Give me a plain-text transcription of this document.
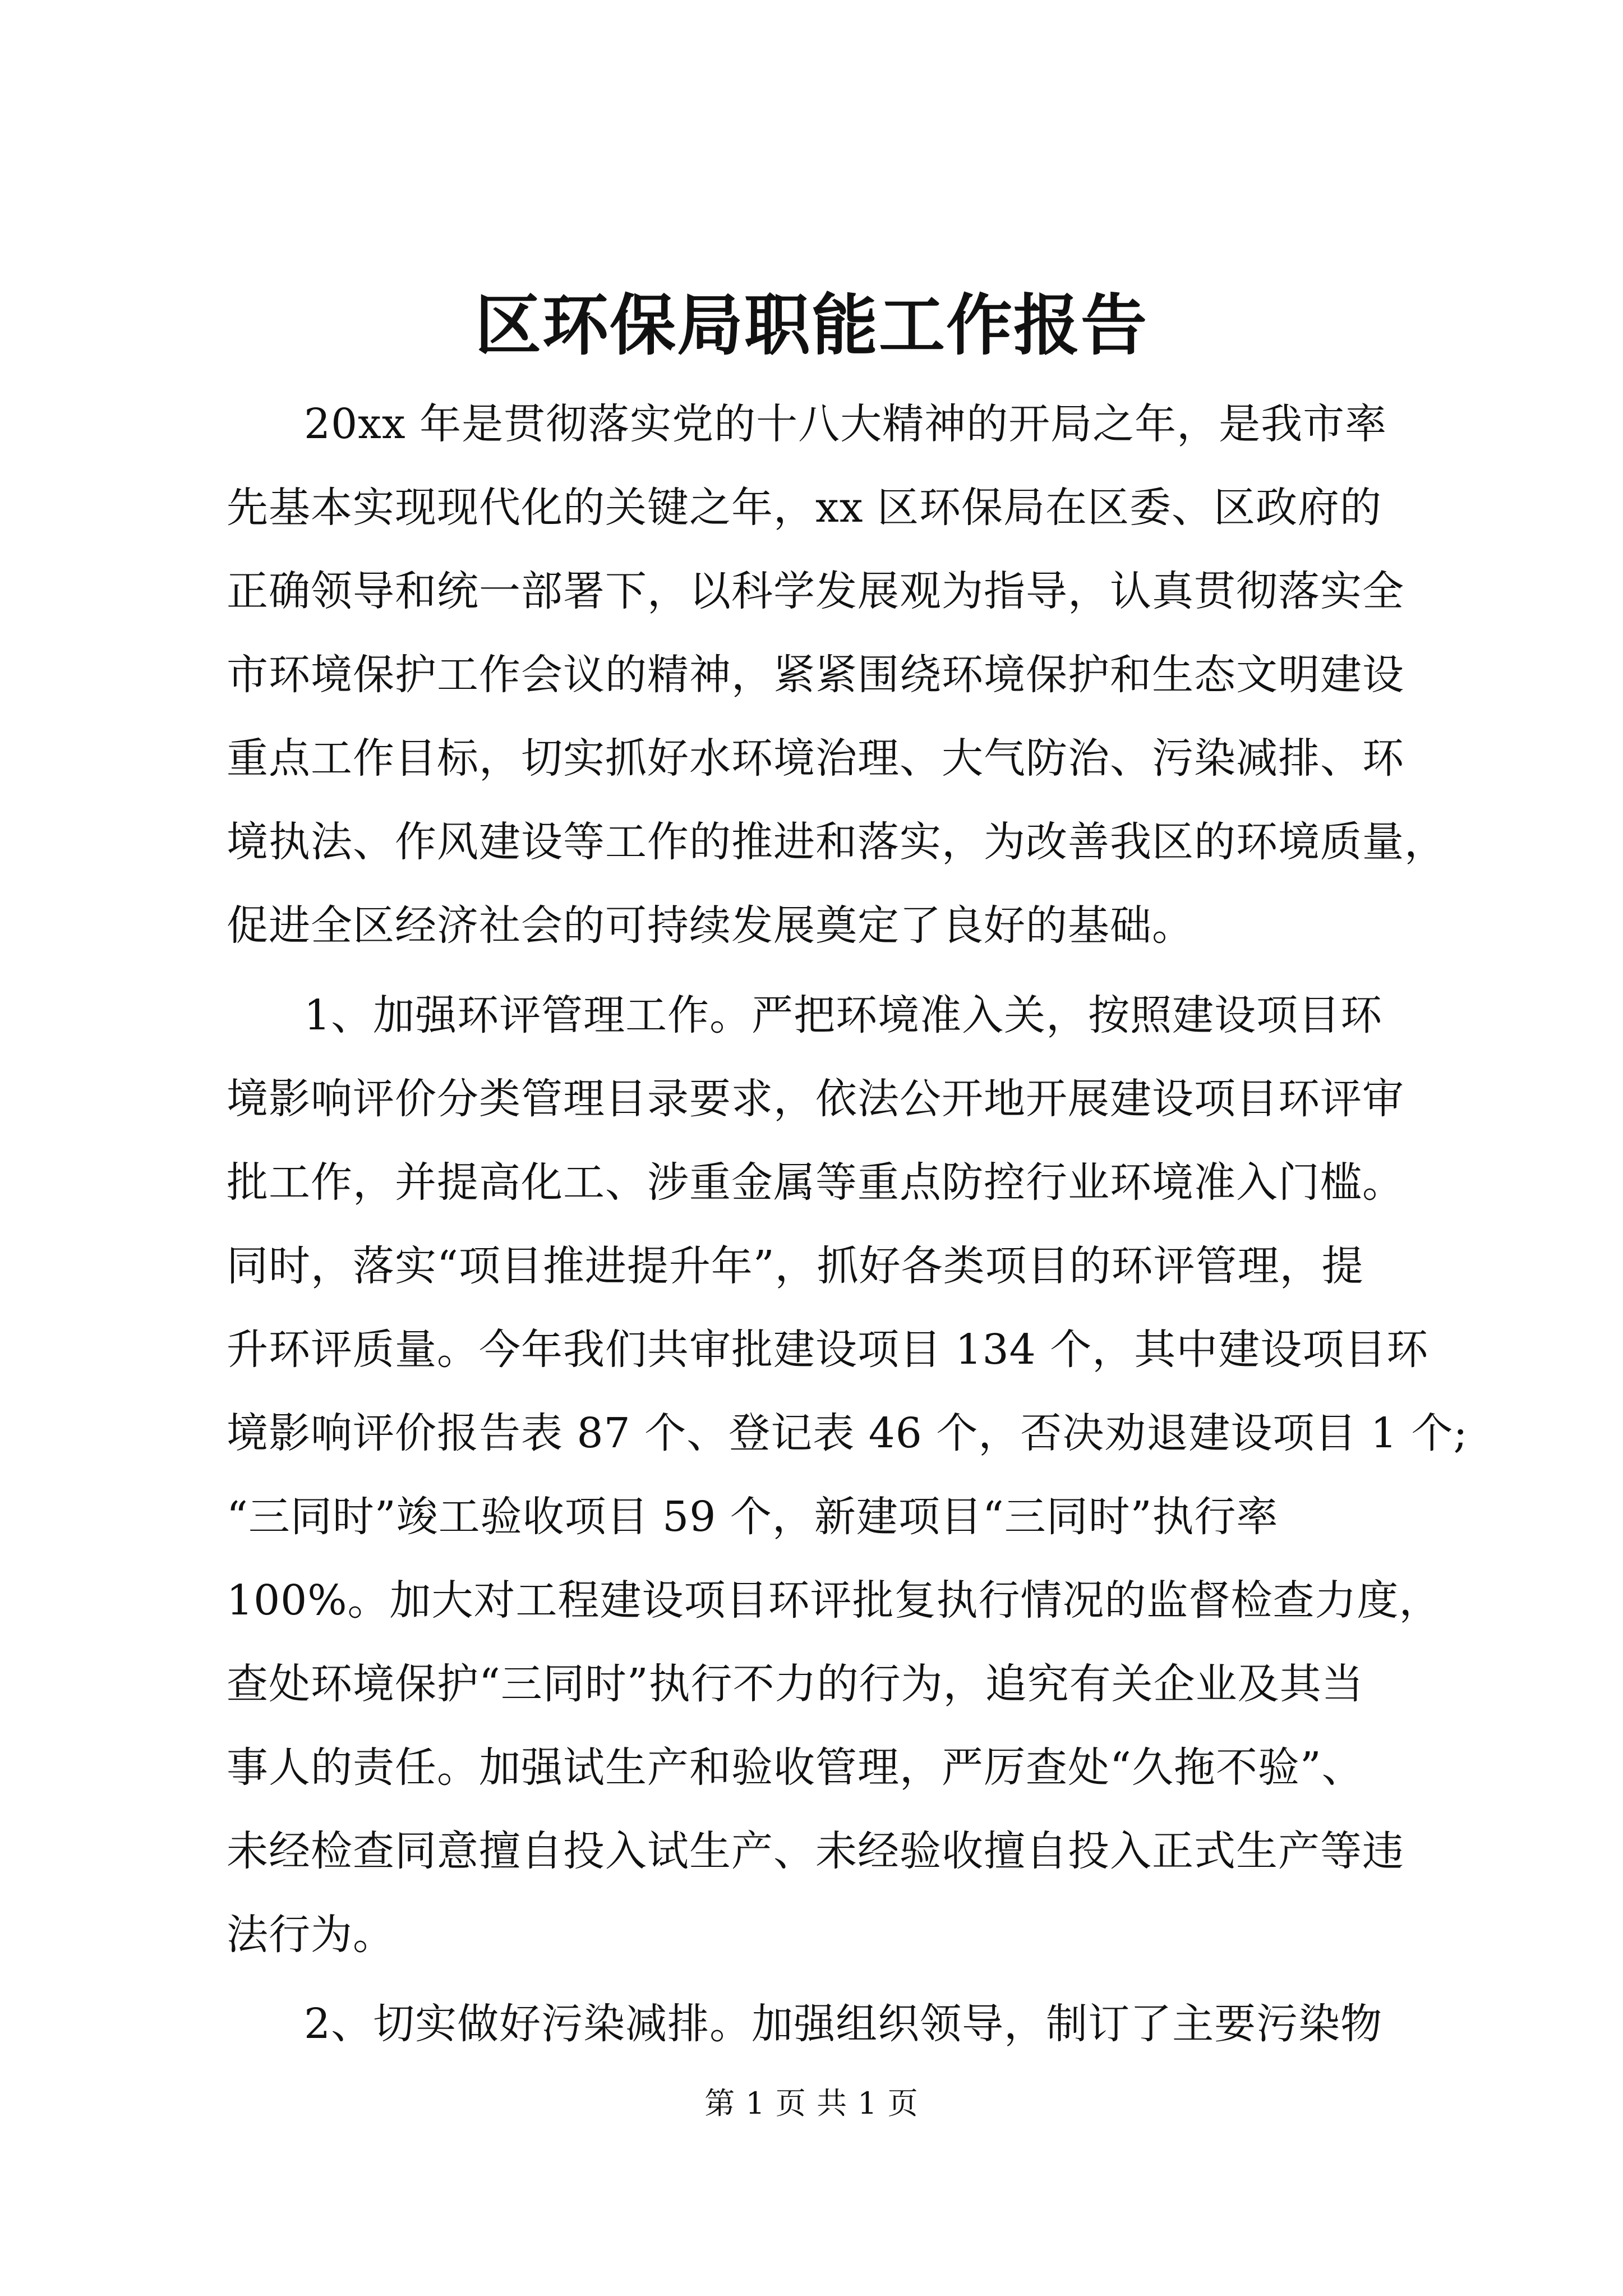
区环保局职能工作报告

20xx 年是贯彻落实党的十八大精神的开局之年，是我市率

先基本实现现代化的关键之年，xx 区环保局在区委、区政府的

正确领导和统一部署下，以科学发展观为指导，认真贯彻落实全

市环境保护工作会议的精神，紧紧围绕环境保护和生态文明建设

重点工作目标，切实抓好水环境治理、大气防治、污染减排、环

境执法、作风建设等工作的推进和落实，为改善我区的环境质量，

促进全区经济社会的可持续发展奠定了良好的基础。

1、加强环评管理工作。严把环境准入关，按照建设项目环

境影响评价分类管理目录要求，依法公开地开展建设项目环评审

批工作，并提高化工、涉重金属等重点防控行业环境准入门槛。

同时，落实“项目推进提升年”，抓好各类项目的环评管理，提

升环评质量。今年我们共审批建设项目 134 个，其中建设项目环

境影响评价报告表 87 个、登记表 46 个，否决劝退建设项目 1 个;

“三同时”竣工验收项目 59 个，新建项目“三同时”执行率

100%。加大对工程建设项目环评批复执行情况的监督检查力度，

查处环境保护“三同时”执行不力的行为，追究有关企业及其当

事人的责任。加强试生产和验收管理，严厉查处“久拖不验”、

未经检查同意擅自投入试生产、未经验收擅自投入正式生产等违

法行为。

2、切实做好污染减排。加强组织领导，制订了主要污染物

第 1 页 共 1 页
